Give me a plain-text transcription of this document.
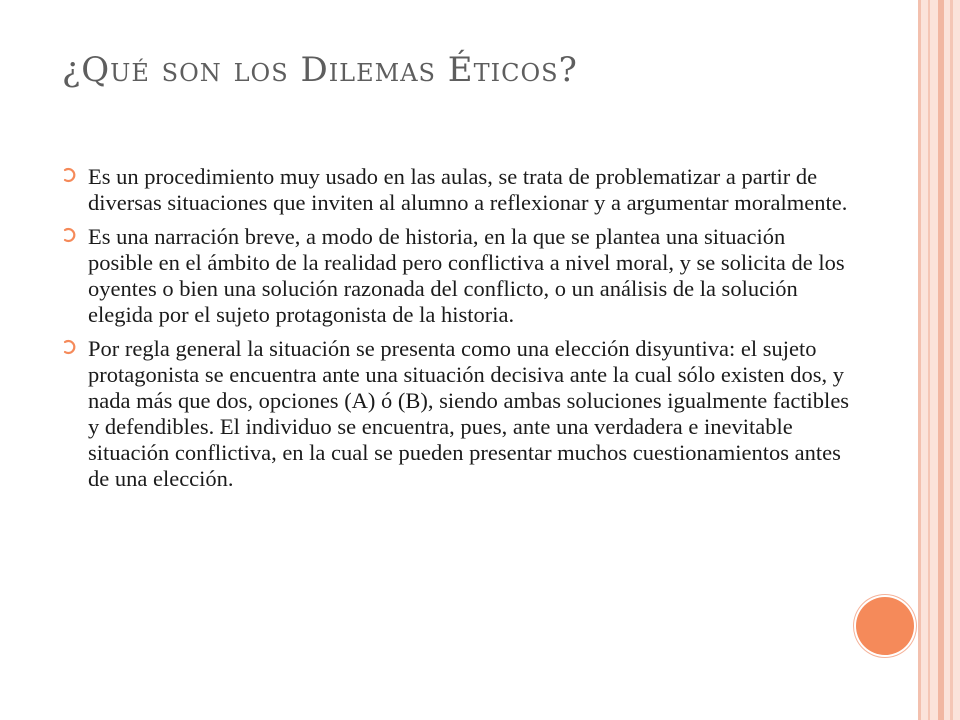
¿Qué son los Dilemas Éticos?
Es un procedimiento muy usado en las aulas, se trata de problematizar a partir de diversas situaciones que inviten al alumno a reflexionar y a argumentar moralmente.
Es una narración breve, a modo de historia, en la que se plantea una situación posible en el ámbito de la realidad pero conflictiva a nivel moral, y se solicita de los oyentes o bien una solución razonada del conflicto, o un análisis de la solución elegida por el sujeto protagonista de la historia.
Por regla general la situación se presenta como una elección disyuntiva: el sujeto protagonista se encuentra ante una situación decisiva ante la cual sólo existen dos, y nada más que dos, opciones (A) ó (B), siendo ambas soluciones igualmente factibles y defendibles. El individuo se encuentra, pues, ante una verdadera e inevitable situación conflictiva, en la cual se pueden presentar muchos cuestionamientos antes de una elección.
